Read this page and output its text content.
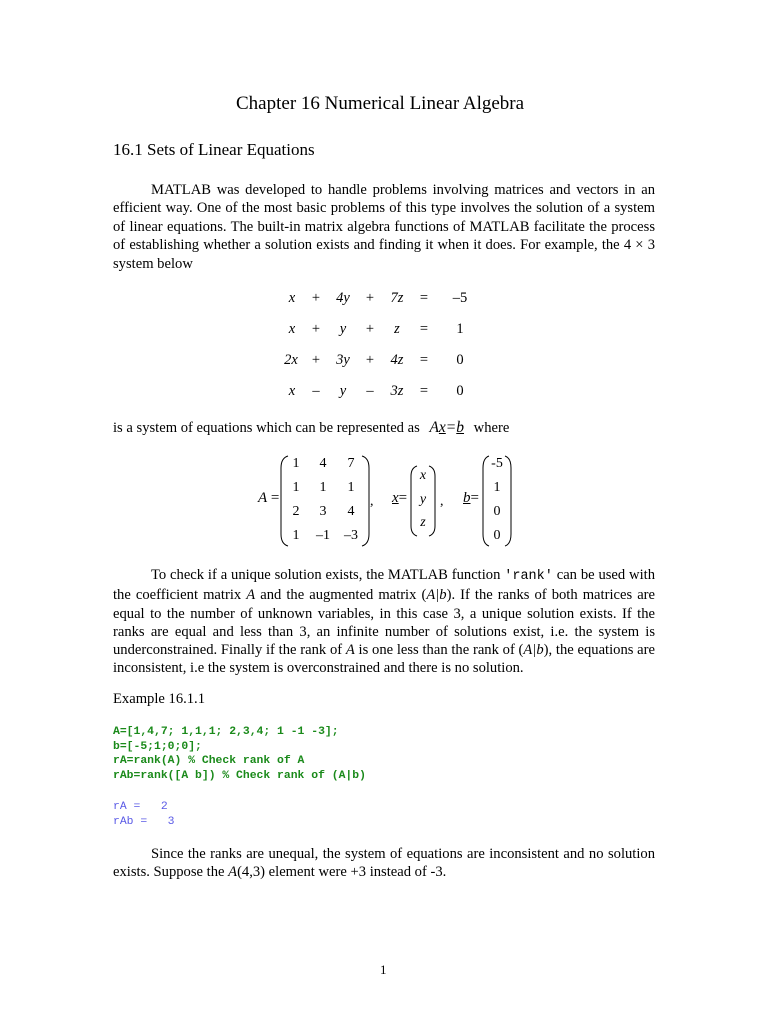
Chapter 16 Numerical Linear Algebra
16.1 Sets of Linear Equations
MATLAB was developed to handle problems involving matrices and vectors in an efficient way. One of the most basic problems of this type involves the solution of a system of linear equations. The built-in matrix algebra functions of MATLAB facilitate the process of establishing whether a solution exists and finding it when it does. For example, the 4 × 3 system below
x	+	4y	+	7z	=	–5
x	+	y	+	z	=	1
2x +	3y	+	4z	=	0
x	–	y	–	3z	=	0
is a system of equations which can be represented as Ax=b where
A =
1	4	7
1	1	1
2	3	4
1	–1	–3
, x=
x
y
z
, b=
-5
1
0
0
To check if a unique solution exists, the MATLAB function 'rank' can be used with the coefficient matrix A and the augmented matrix (A|b). If the ranks of both matrices are equal to the number of unknown variables, in this case 3, a unique solution exists. If the ranks are equal and less than 3, an infinite number of solutions exist, i.e. the system is underconstrained. Finally if the rank of A is one less than the rank of (A|b), the equations are inconsistent, i.e the system is overconstrained and there is no solution.
Example 16.1.1
A=[1,4,7; 1,1,1; 2,3,4; 1 -1 -3];
b=[-5;1;0;0];
rA=rank(A) % Check rank of A
rAb=rank([A b]) % Check rank of (A|b)
rA =   2
rAb =   3
Since the ranks are unequal, the system of equations are inconsistent and no solution exists. Suppose the A(4,3) element were +3 instead of -3.
1
